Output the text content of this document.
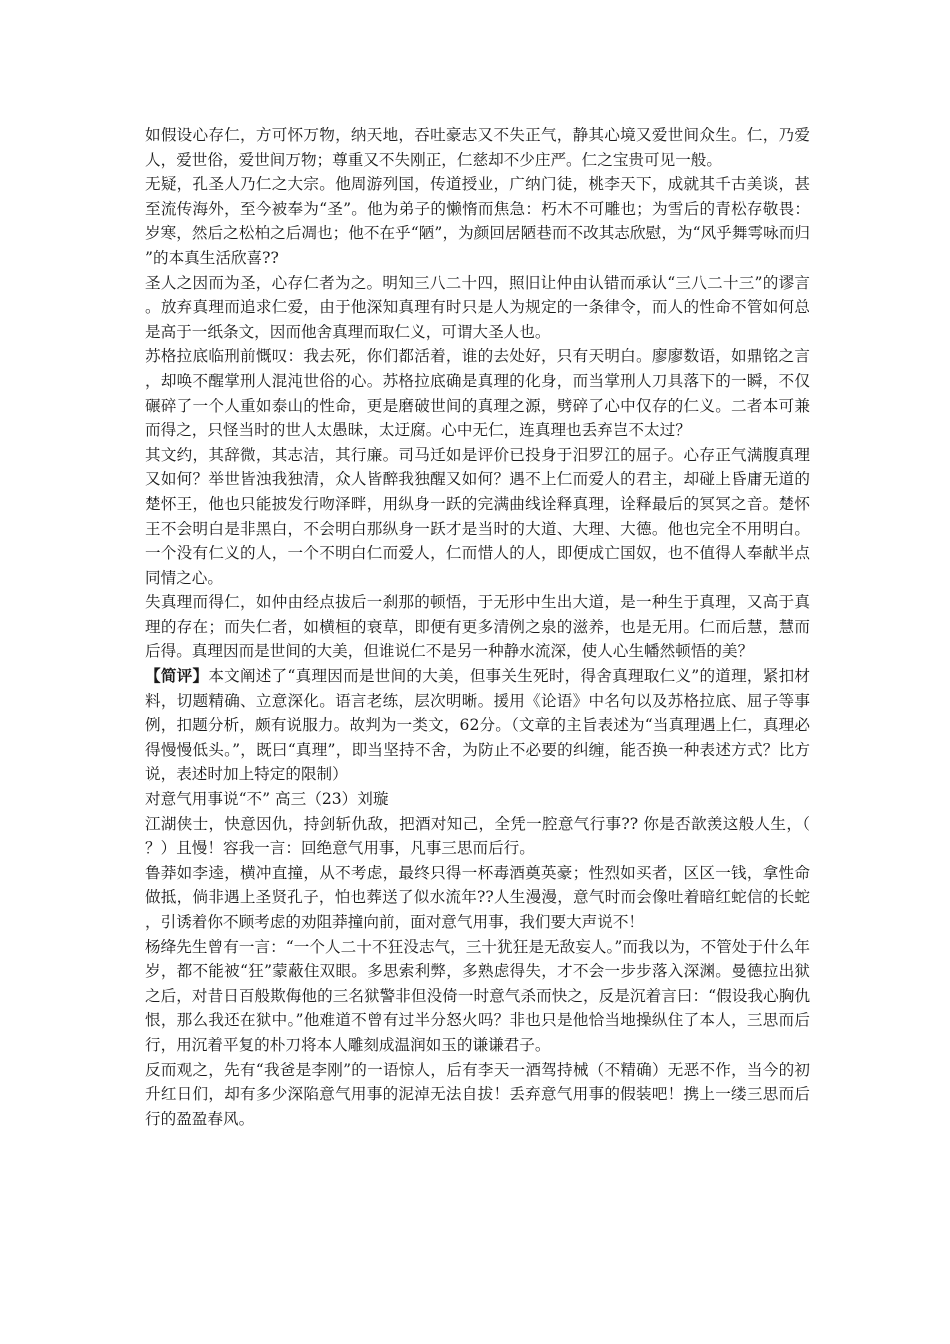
如假设心存仁，方可怀万物，纳天地，吞吐豪志又不失正气，静其心境又爱世间众生。仁，乃爱人，爱世俗，爱世间万物；尊重又不失刚正，仁慈却不少庄严。仁之宝贵可见一般。

无疑，孔圣人乃仁之大宗。他周游列国，传道授业，广纳门徒，桃李天下，成就其千古美谈，甚至流传海外，至今被奉为“圣”。他为弟子的懒惰而焦急：朽木不可雕也；为雪后的青松存敬畏：岁寒，然后之松柏之后凋也；他不在乎“陋”，为颜回居陋巷而不改其志欣慰，为“风乎舞雩咏而归”的本真生活欣喜??

圣人之因而为圣，心存仁者为之。明知三八二十四，照旧让仲由认错而承认“三八二十三”的谬言。放弃真理而追求仁爱，由于他深知真理有时只是人为规定的一条律令，而人的性命不管如何总是高于一纸条文，因而他舍真理而取仁义，可谓大圣人也。

苏格拉底临刑前慨叹：我去死，你们都活着，谁的去处好，只有天明白。廖廖数语，如鼎铭之言，却唤不醒掌刑人混沌世俗的心。苏格拉底确是真理的化身，而当掌刑人刀具落下的一瞬，不仅碾碎了一个人重如泰山的性命，更是磨破世间的真理之源，劈碎了心中仅存的仁义。二者本可兼而得之，只怪当时的世人太愚昧，太迂腐。心中无仁，连真理也丢弃岂不太过？

其文约，其辞微，其志洁，其行廉。司马迁如是评价已投身于汨罗江的屈子。心存正气满腹真理又如何？举世皆浊我独清，众人皆醉我独醒又如何？遇不上仁而爱人的君主，却碰上昏庸无道的楚怀王，他也只能披发行吻泽畔，用纵身一跃的完满曲线诠释真理，诠释最后的冥冥之音。楚怀王不会明白是非黑白，不会明白那纵身一跃才是当时的大道、大理、大德。他也完全不用明白。一个没有仁义的人，一个不明白仁而爱人，仁而惜人的人，即便成亡国奴，也不值得人奉献半点同情之心。

失真理而得仁，如仲由经点拔后一刹那的顿悟，于无形中生出大道，是一种生于真理，又高于真理的存在；而失仁者，如横桓的衰草，即便有更多清例之泉的滋养，也是无用。仁而后慧，慧而后得。真理因而是世间的大美，但谁说仁不是另一种静水流深，使人心生幡然顿悟的美？

【简评】本文阐述了“真理因而是世间的大美，但事关生死时，得舍真理取仁义”的道理，紧扣材料，切题精确、立意深化。语言老练，层次明晰。援用《论语》中名句以及苏格拉底、屈子等事例，扣题分析，颇有说服力。故判为一类文，62分。（文章的主旨表述为“当真理遇上仁，真理必得慢慢低头。”，既曰“真理”，即当坚持不舍，为防止不必要的纠缠，能否换一种表述方式？比方说，表述时加上特定的限制）

对意气用事说“不” 高三（23）刘璇

江湖侠士，快意因仇，持剑斩仇敌，把酒对知己，全凭一腔意气行事?? 你是否歆羡这般人生，（？）且慢！容我一言：回绝意气用事，凡事三思而后行。

鲁莽如李逵，横冲直撞，从不考虑，最终只得一杯毒酒奠英豪；性烈如买者，区区一钱，拿性命做抵，倘非遇上圣贤孔子，怕也葬送了似水流年??人生漫漫，意气时而会像吐着暗红蛇信的长蛇，引诱着你不顾考虑的劝阻莽撞向前，面对意气用事，我们要大声说不！

杨绛先生曾有一言：“一个人二十不狂没志气，三十犹狂是无敌妄人。”而我以为，不管处于什么年岁，都不能被“狂”蒙蔽住双眼。多思索利弊，多熟虑得失，才不会一步步落入深渊。曼德拉出狱之后，对昔日百般欺侮他的三名狱警非但没倚一时意气杀而快之，反是沉着言曰：“假设我心胸仇恨，那么我还在狱中。”他难道不曾有过半分怒火吗？非也只是他恰当地操纵住了本人，三思而后行，用沉着平复的朴刀将本人雕刻成温润如玉的谦谦君子。

反而观之，先有“我爸是李刚”的一语惊人，后有李天一酒驾持械（不精确）无恶不作，当今的初升红日们，却有多少深陷意气用事的泥淖无法自拔！丢弃意气用事的假装吧！携上一缕三思而后行的盈盈春风。
